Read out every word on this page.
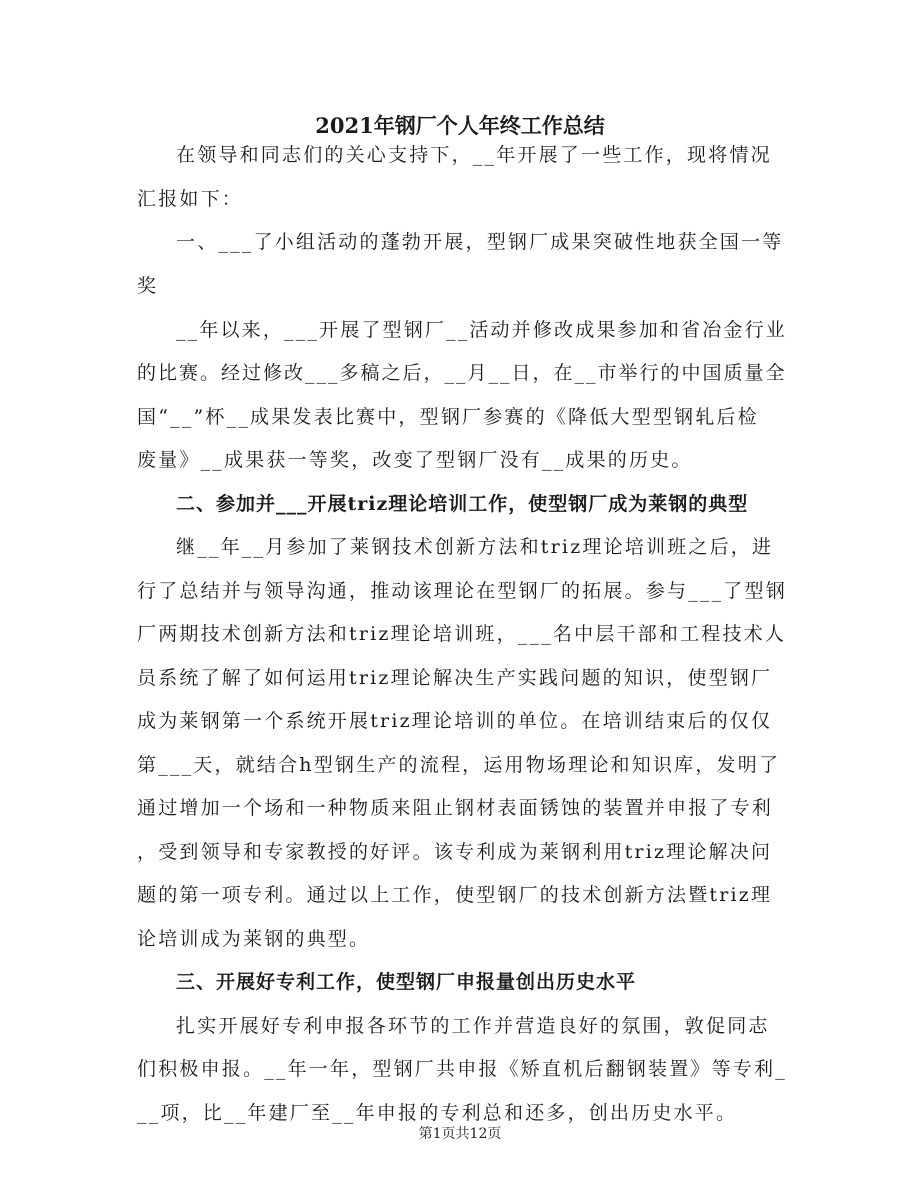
2021年钢厂个人年终工作总结
在领导和同志们的关心支持下，__年开展了一些工作，现将情况
汇报如下：
一、___了小组活动的蓬勃开展，型钢厂成果突破性地获全国一等
奖
__年以来，___开展了型钢厂__活动并修改成果参加和省冶金行业
的比赛。经过修改___多稿之后，__月__日，在__市举行的中国质量全
国“__”杯__成果发表比赛中，型钢厂参赛的《降低大型型钢轧后检
废量》__成果获一等奖，改变了型钢厂没有__成果的历史。
二、参加并___开展triz理论培训工作，使型钢厂成为莱钢的典型
继__年__月参加了莱钢技术创新方法和triz理论培训班之后，进
行了总结并与领导沟通，推动该理论在型钢厂的拓展。参与___了型钢
厂两期技术创新方法和triz理论培训班，___名中层干部和工程技术人
员系统了解了如何运用triz理论解决生产实践问题的知识，使型钢厂
成为莱钢第一个系统开展triz理论培训的单位。在培训结束后的仅仅
第___天，就结合h型钢生产的流程，运用物场理论和知识库，发明了
通过增加一个场和一种物质来阻止钢材表面锈蚀的装置并申报了专利
，受到领导和专家教授的好评。该专利成为莱钢利用triz理论解决问
题的第一项专利。通过以上工作，使型钢厂的技术创新方法暨triz理
论培训成为莱钢的典型。
三、开展好专利工作，使型钢厂申报量创出历史水平
扎实开展好专利申报各环节的工作并营造良好的氛围，敦促同志
们积极申报。__年一年，型钢厂共申报《矫直机后翻钢装置》等专利_
__项，比__年建厂至__年申报的专利总和还多，创出历史水平。
第1页共12页
